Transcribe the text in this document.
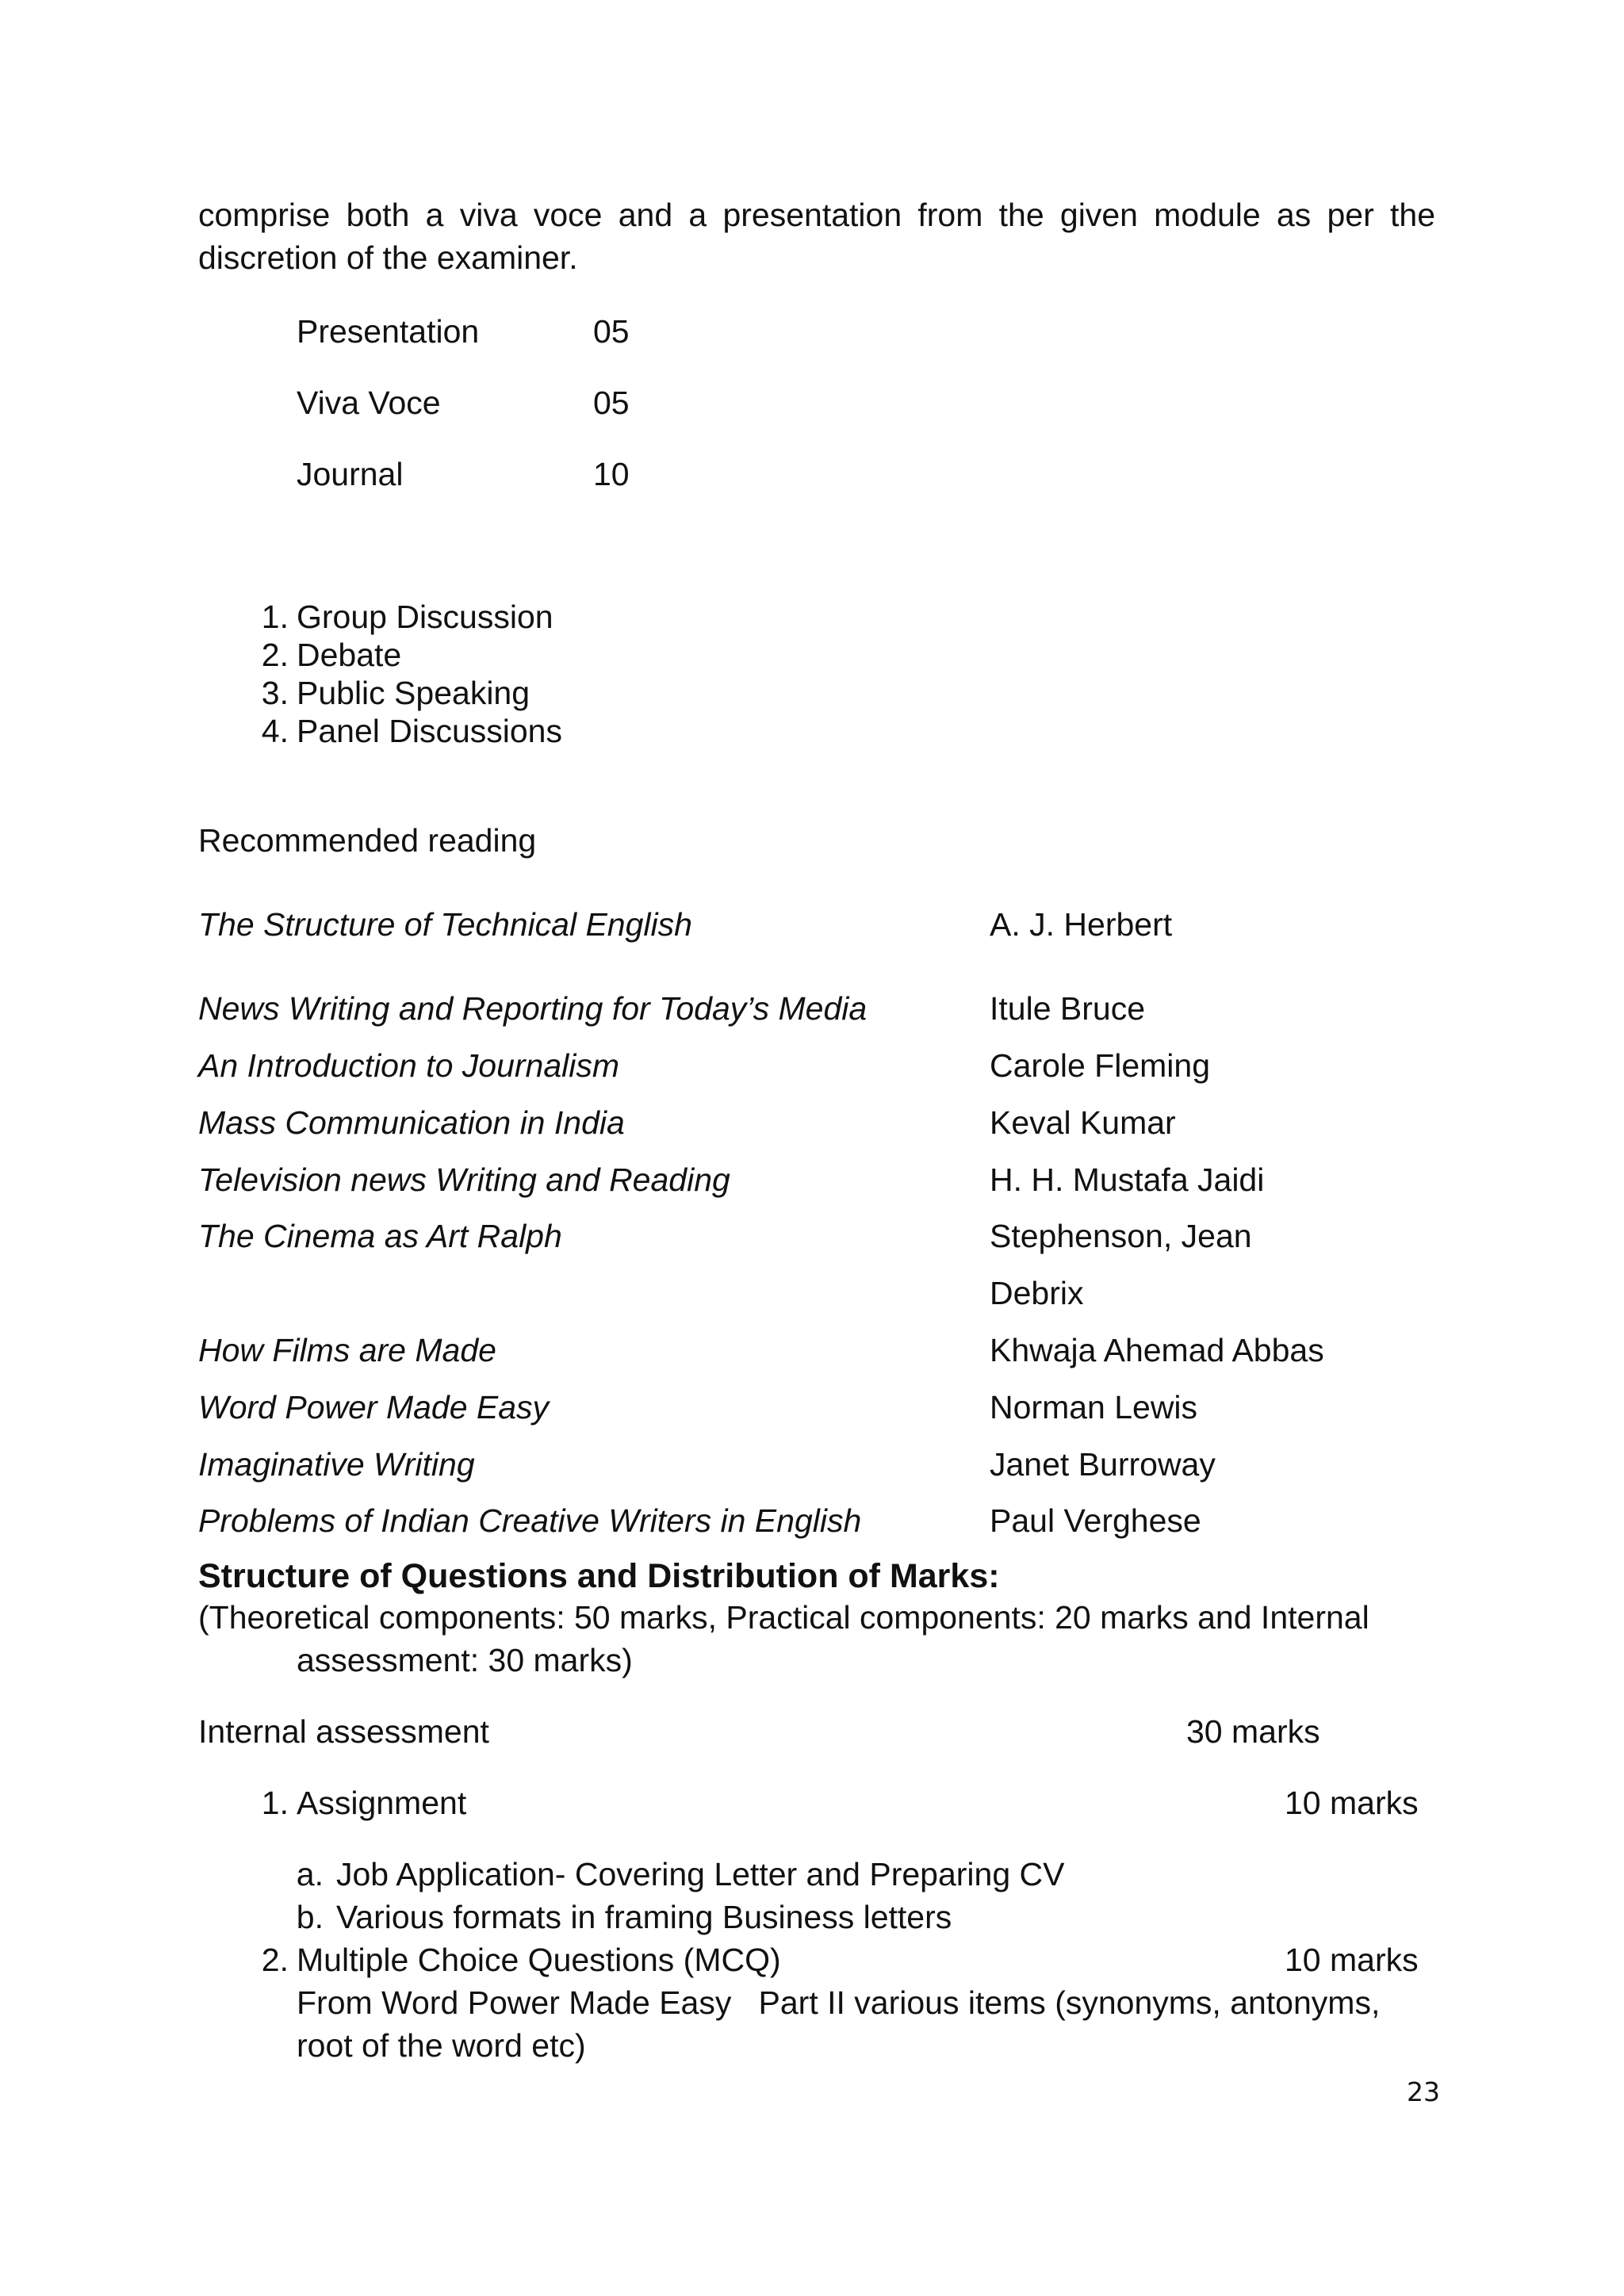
comprise both a viva voce and a presentation from the given module as per the discretion of the examiner.
Presentation	05
Viva Voce	05
Journal	10
1. Group Discussion
2. Debate
3. Public Speaking
4. Panel Discussions
Recommended reading
The Structure of Technical English	A. J. Herbert
News Writing and Reporting for Today’s Media	Itule Bruce
An Introduction to Journalism	Carole Fleming
Mass Communication in India	Keval Kumar
Television news Writing and Reading	H. H. Mustafa Jaidi
The Cinema as Art Ralph	Stephenson, Jean
Debrix
How Films are Made	Khwaja Ahemad Abbas
Word Power Made Easy	Norman Lewis
Imaginative Writing	Janet Burroway
Problems of Indian Creative Writers in English	Paul Verghese
Structure of Questions and Distribution of Marks:
(Theoretical components: 50 marks, Practical components: 20 marks and Internal
assessment: 30 marks)
Internal assessment	30 marks
1. Assignment	10 marks
a. Job Application- Covering Letter and Preparing CV
b. Various formats in framing Business letters
2. Multiple Choice Questions (MCQ)	10 marks
From Word Power Made Easy   Part II various items (synonyms, antonyms,
root of the word etc)
23
